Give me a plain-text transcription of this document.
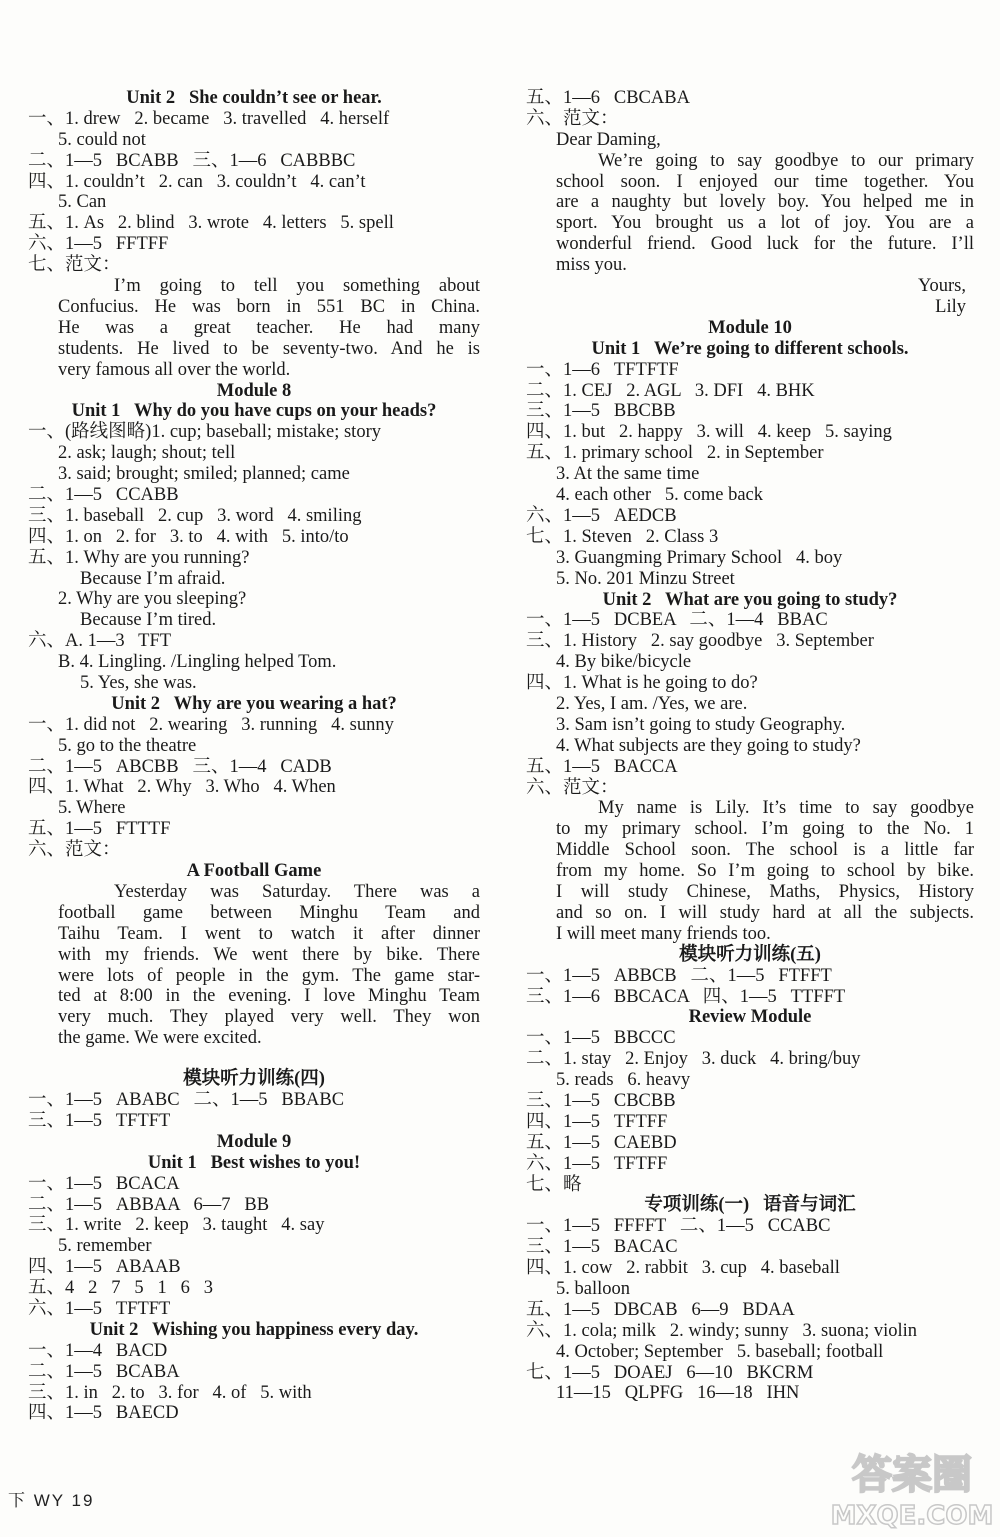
Unit 2   She couldn’t see or hear.
一、1. drew   2. became   3. travelled   4. herself
5. could not
二、1—5   BCABB   三、1—6   CABBBC
四、1. couldn’t   2. can   3. couldn’t   4. can’t
5. Can
五、1. As   2. blind   3. wrote   4. letters   5. spell
六、1—5   FFTFF
七、范文：
I’m going to tell you something about
Confucius. He was born in 551 BC in China.
He was a great teacher. He had many
students. He lived to be seventy-two. And he is
very famous all over the world.
Module 8
Unit 1   Why do you have cups on your heads?
一、(路线图略)1. cup; baseball; mistake; story
2. ask; laugh; shout; tell
3. said; brought; smiled; planned; came
二、1—5   CCABB
三、1. baseball   2. cup   3. word   4. smiling
四、1. on   2. for   3. to   4. with   5. into/to
五、1. Why are you running?
Because I’m afraid.
2. Why are you sleeping?
Because I’m tired.
六、A. 1—3   TFT
B. 4. Lingling. /Lingling helped Tom.
5. Yes, she was.
Unit 2   Why are you wearing a hat?
一、1. did not   2. wearing   3. running   4. sunny
5. go to the theatre
二、1—5   ABCBB   三、1—4   CADB
四、1. What   2. Why   3. Who   4. When
5. Where
五、1—5   FTTTF
六、范文：
A Football Game
Yesterday was Saturday. There was a
football game between Minghu Team and
Taihu Team. I went to watch it after dinner
with my friends. We went there by bike. There
were lots of people in the gym. The game star-
ted at 8:00 in the evening. I love Minghu Team
very much. They played very well. They won
the game. We were excited.
模块听力训练(四)
一、1—5   ABABC   二、1—5   BBABC
三、1—5   TFTFT
Module 9
Unit 1   Best wishes to you!
一、1—5   BCACA
二、1—5   ABBAA   6—7   BB
三、1. write   2. keep   3. taught   4. say
5. remember
四、1—5   ABAAB
五、4   2   7   5   1   6   3
六、1—5   TFTFT
Unit 2   Wishing you happiness every day.
一、1—4   BACD
二、1—5   BCABA
三、1. in   2. to   3. for   4. of   5. with
四、1—5   BAECD
五、1—6   CBCABA
六、范文：
Dear Daming,
We’re going to say goodbye to our primary
school soon. I enjoyed our time together. You
are a naughty but lovely boy. You helped me in
sport. You brought us a lot of joy. You are a
wonderful friend. Good luck for the future. I’ll
miss you.
Yours,
Lily
Module 10
Unit 1   We’re going to different schools.
一、1—6   TFTFTF
二、1. CEJ   2. AGL   3. DFI   4. BHK
三、1—5   BBCBB
四、1. but   2. happy   3. will   4. keep   5. saying
五、1. primary school   2. in September
3. At the same time
4. each other   5. come back
六、1—5   AEDCB
七、1. Steven   2. Class 3
3. Guangming Primary School   4. boy
5. No. 201 Minzu Street
Unit 2   What are you going to study?
一、1—5   DCBEA   二、1—4   BBAC
三、1. History   2. say goodbye   3. September
4. By bike/bicycle
四、1. What is he going to do?
2. Yes, I am. /Yes, we are.
3. Sam isn’t going to study Geography.
4. What subjects are they going to study?
五、1—5   BACCA
六、范文：
My name is Lily. It’s time to say goodbye
to my primary school. I’m going to the No. 1
Middle School soon. The school is a little far
from my home. So I’m going to school by bike.
I will study Chinese, Maths, Physics, History
and so on. I will study hard at all the subjects.
I will meet many friends too.
模块听力训练(五)
一、1—5   ABBCB   二、1—5   FTFFT
三、1—6   BBCACA   四、1—5   TTFFT
Review Module
一、1—5   BBCCC
二、1. stay   2. Enjoy   3. duck   4. bring/buy
5. reads   6. heavy
三、1—5   CBCBB
四、1—5   TFTFF
五、1—5   CAEBD
六、1—5   TFTFF
七、略
专项训练(一)   语音与词汇
一、1—5   FFFFT   二、1—5   CCABC
三、1—5   BACAC
四、1. cow   2. rabbit   3. cup   4. baseball
5. balloon
五、1—5   DBCAB   6—9   BDAA
六、1. cola; milk   2. windy; sunny   3. suona; violin
4. October; September   5. baseball; football
七、1—5   DOAEJ   6—10   BKCRM
11—15   QLPFG   16—18   IHN
下 WY 19
答案圈
MXQE.COM
